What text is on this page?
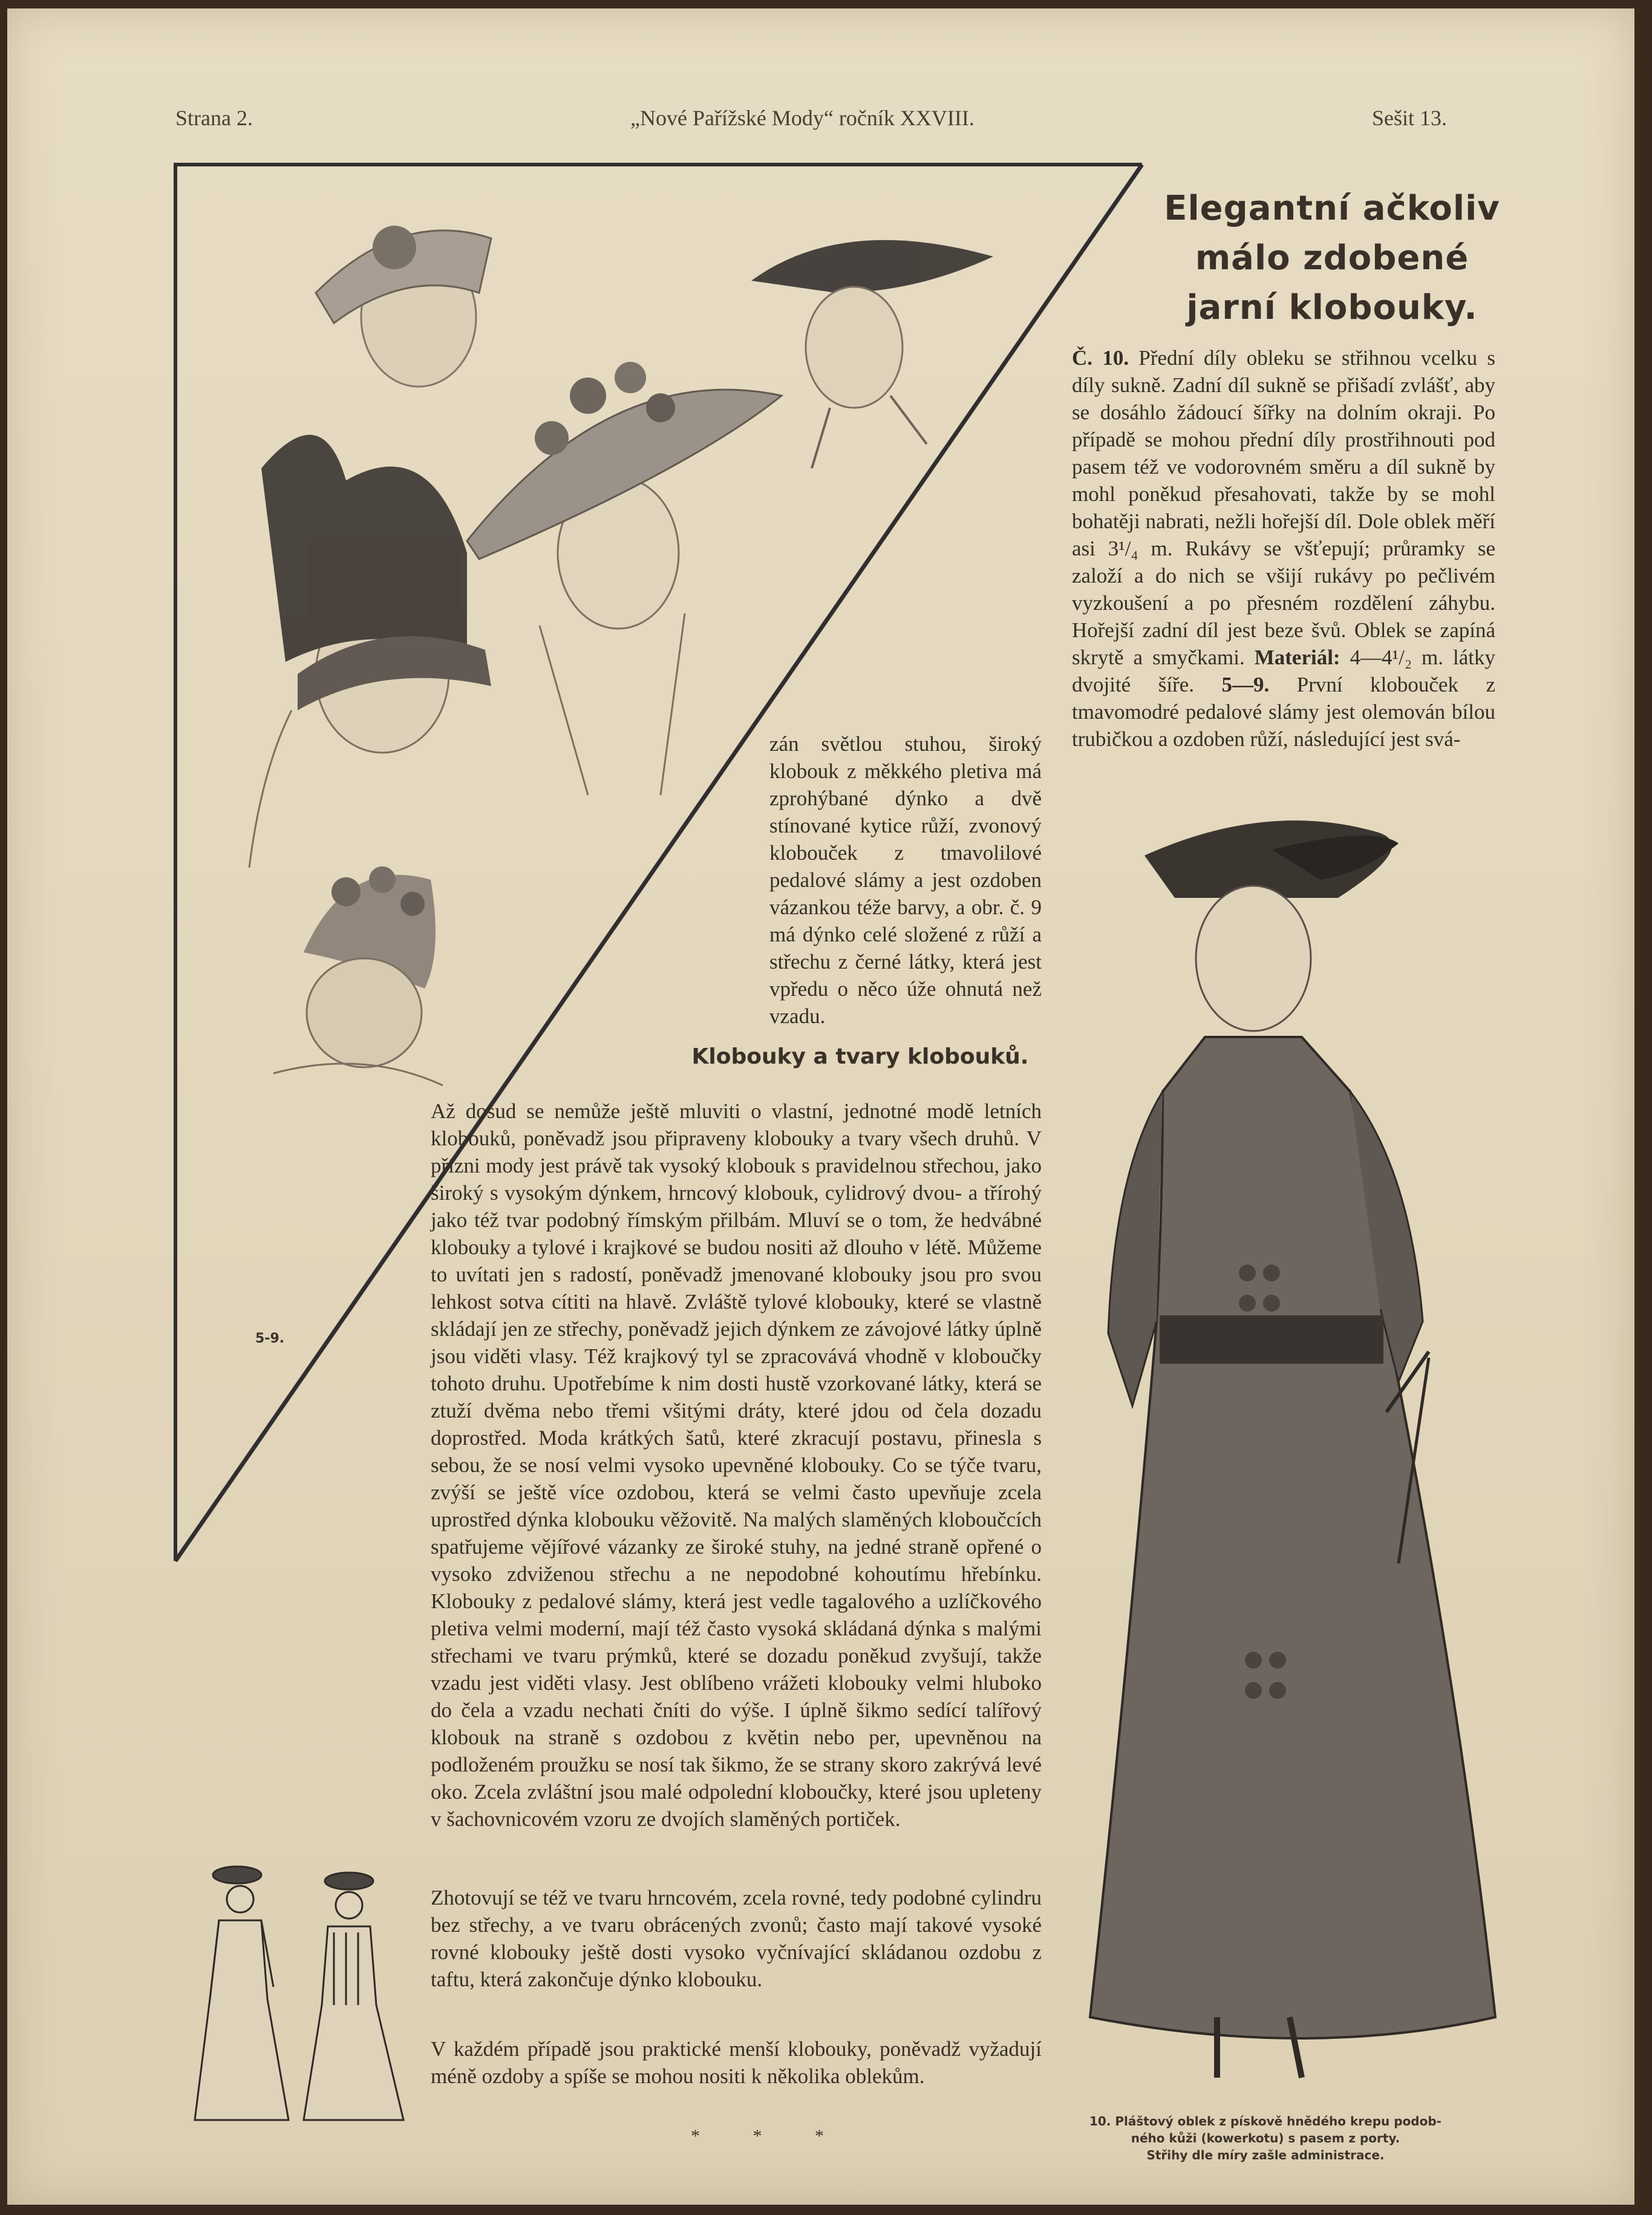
Strana 2.	„Nové Pařížské Mody“ ročník XXVIII.	Sešit 13.
5-9.
Elegantní ačkoliv
málo zdobené
jarní klobouky.
Č. 10. Přední díly obleku se střihnou vcelku s díly sukně. Zadní díl sukně se přišadí zvlášť, aby se dosáhlo žádoucí šířky na dolním okraji. Po případě se mohou přední díly prostřihnouti pod pasem též ve vodorovném směru a díl sukně by mohl poněkud přesahovati, takže by se mohl bohatěji nabrati, nežli hořejší díl. Dole oblek měří asi 3¹/₄ m. Rukávy se všťepují; průramky se založí a do nich se všijí rukávy po pečlivém vyzkoušení a po přesném rozdělení záhybu. Hořejší zadní díl jest beze švů. Oblek se zapíná skrytě a smyčkami. Materiál: 4—4¹/₂ m. látky dvojité šíře. 5—9. První klobouček z tmavomodré pedalové slámy jest olemován bílou trubičkou a ozdoben růží, následující jest svá-
zán světlou stuhou, široký klobouk z měkkého pletiva má zprohýbané dýnko a dvě stínované kytice růží, zvonový klobouček z tmavolilové pedalové slámy a jest ozdoben vázankou téže barvy, a obr. č. 9 má dýnko celé složené z růží a střechu z černé látky, která jest vpředu o něco úže ohnutá než vzadu.
Klobouky a tvary klobouků.
Až dosud se nemůže ještě mluviti o vlastní, jednotné modě letních klobouků, poněvadž jsou připraveny klobouky a tvary všech druhů. V přízni mody jest právě tak vysoký klobouk s pravidelnou střechou, jako široký s vysokým dýnkem, hrncový klobouk, cylidrový dvou- a třírohý jako též tvar podobný římským přilbám. Mluví se o tom, že hedvábné klobouky a tylové i krajkové se budou nositi až dlouho v létě. Můžeme to uvítati jen s radostí, poněvadž jmenované klobouky jsou pro svou lehkost sotva cítiti na hlavě. Zvláště tylové klobouky, které se vlastně skládají jen ze střechy, poněvadž jejich dýnkem ze závojové látky úplně jsou viděti vlasy. Též krajkový tyl se zpracovává vhodně v kloboučky tohoto druhu. Upotřebíme k nim dosti hustě vzorkované látky, která se ztuží dvěma nebo třemi všitými dráty, které jdou od čela dozadu doprostřed. Moda krátkých šatů, které zkracují postavu, přinesla s sebou, že se nosí velmi vysoko upevněné klobouky. Co se týče tvaru, zvýší se ještě více ozdobou, která se velmi často upevňuje zcela uprostřed dýnka klobouku věžovitě. Na malých slaměných kloboučcích spatřujeme vějířové vázanky ze široké stuhy, na jedné straně opřené o vysoko zdviženou střechu a ne nepodobné kohoutímu hřebínku. Klobouky z pedalové slámy, která jest vedle tagalového a uzlíčkového pletiva velmi moderní, mají též často vysoká skládaná dýnka s malými střechami ve tvaru prýmků, které se dozadu poněkud zvyšují, takže vzadu jest viděti vlasy. Jest oblíbeno vrážeti klobouky velmi hluboko do čela a vzadu nechati čníti do výše. I úplně šikmo sedící talířový klobouk na straně s ozdobou z květin nebo per, upevněnou na podloženém proužku se nosí tak šikmo, že se strany skoro zakrývá levé oko. Zcela zvláštní jsou malé odpolední kloboučky, které jsou upleteny v šachovnicovém vzoru ze dvojích slaměných portiček.
Zhotovují se též ve tvaru hrncovém, zcela rovné, tedy podobné cylindru bez střechy, a ve tvaru obrácených zvonů; často mají takové vysoké rovné klobouky ještě dosti vysoko vyčnívající skládanou ozdobu z taftu, která zakončuje dýnko klobouku.
V každém případě jsou praktické menší klobouky, poněvadž vyžadují méně ozdoby a spíše se mohou nositi k několika oblekům.
* * *
10. Pláštový oblek z pískově hnědého krepu podob-
ného kůži (kowerkotu) s pasem z porty.
Střihy dle míry zašle administrace.
